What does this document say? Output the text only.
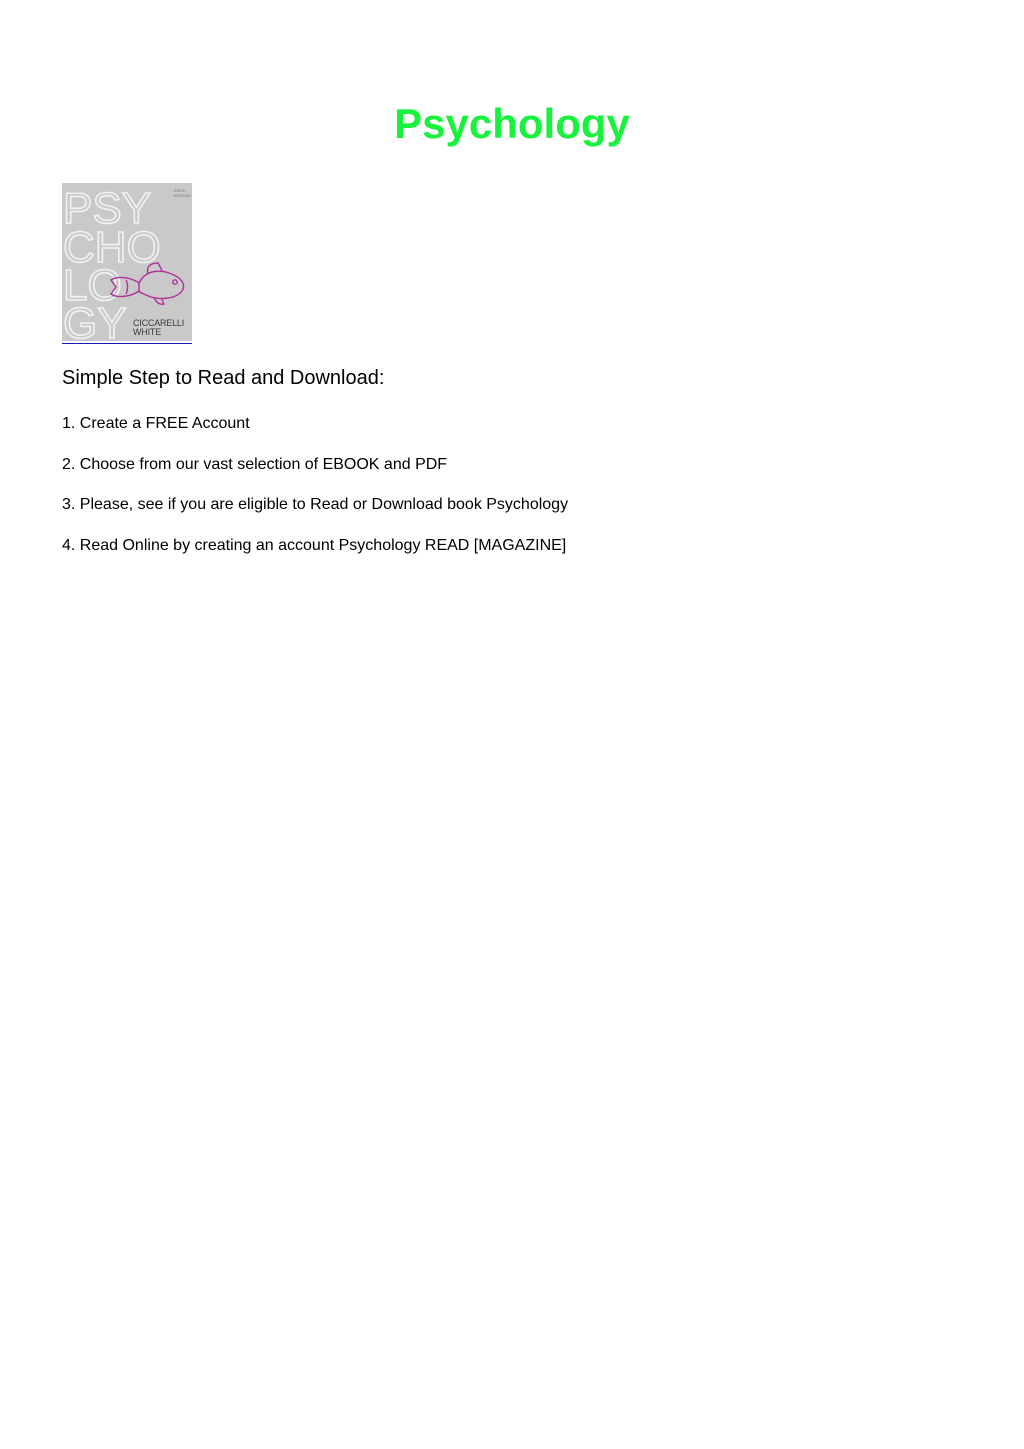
Psychology
PSY
CHO
LO
GY
SIXTH EDITION
CICCARELLI
WHITE
Simple Step to Read and Download:

1. Create a FREE Account

2. Choose from our vast selection of EBOOK and PDF

3. Please, see if you are eligible to Read or Download book Psychology

4. Read Online by creating an account Psychology READ [MAGAZINE]
